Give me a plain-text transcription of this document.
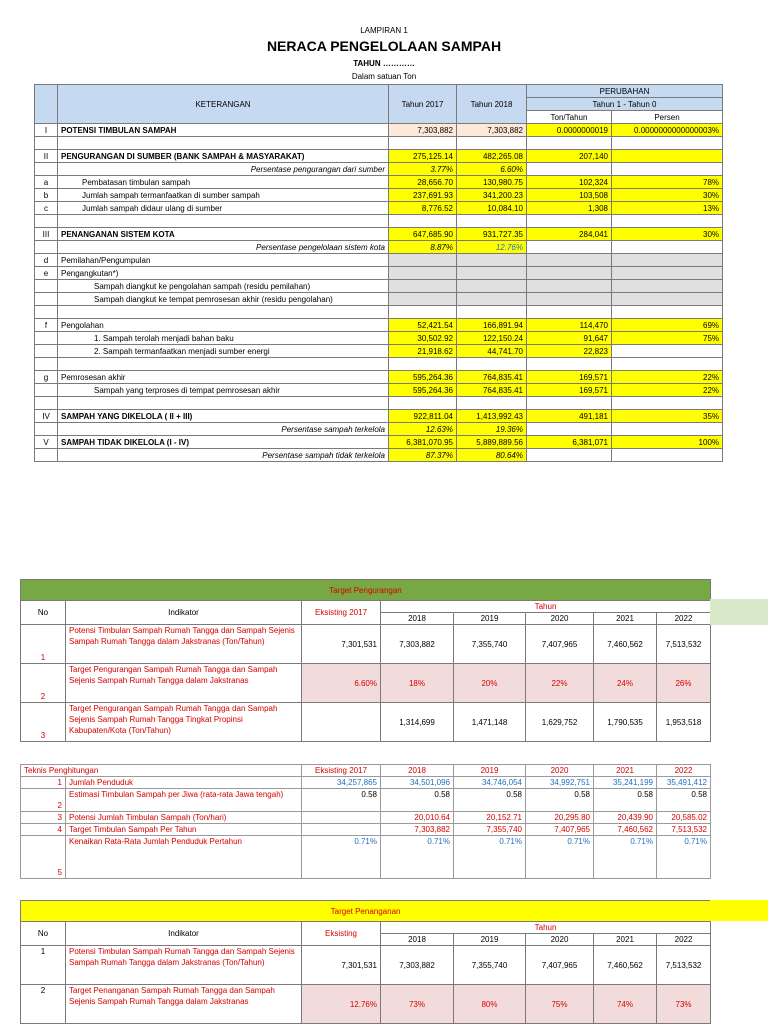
LAMPIRAN 1
NERACA PENGELOLAAN SAMPAH
TAHUN …………
Dalam satuan Ton
	KETERANGAN	Tahun 2017	Tahun 2018	PERUBAHAN	
				Tahun 1 - Tahun 0	
				Ton/Tahun	Persen
I	POTENSI TIMBULAN SAMPAH	7,303,882	7,303,882	0.0000000019	0.0000000000000003%

II	PENGURANGAN DI SUMBER (BANK SAMPAH & MASYARAKAT)	275,125.14	482,265.08	207,140	
	Persentase pengurangan dari sumber	3.77%	6.60%		
a	Pembatasan timbulan sampah	28,656.70	130,980.75	102,324	78%
b	Jumlah sampah termanfaatkan di sumber sampah	237,691.93	341,200.23	103,508	30%
c	Jumlah sampah didaur ulang di sumber	8,776.52	10,084.10	1,308	13%

III	PENANGANAN SISTEM KOTA	647,685.90	931,727.35	284,041	30%
	Persentase pengelolaan sistem kota	8.87%	12.76%		
d	Pemilahan/Pengumpulan				
e	Pengangkutan*)				
	Sampah diangkut ke pengolahan sampah (residu pemilahan)				
	Sampah diangkut ke tempat pemrosesan akhir (residu pengolahan)				

f	Pengolahan	52,421.54	166,891.94	114,470	69%
	1. Sampah terolah menjadi bahan baku	30,502.92	122,150.24	91,647	75%
	2. Sampah termanfaatkan menjadi sumber energi	21,918.62	44,741.70	22,823	

g	Pemrosesan akhir	595,264.36	764,835.41	169,571	22%
	Sampah yang terproses di tempat pemrosesan akhir	595,264.36	764,835.41	169,571	22%

IV	SAMPAH YANG DIKELOLA ( II + III)	922,811.04	1,413,992.43	491,181	35%
	Persentase sampah terkelola	12.63%	19.36%		
V	SAMPAH TIDAK DIKELOLA (I - IV)	6,381,070.95	5,889,889.56	6,381,071	100%
	Persentase sampah tidak terkelola	87.37%	80.64%		
Target Pengurangan							
No	Indikator	Eksisting 2017	Tahun				
			2018	2019	2020	2021	2022
1	Potensi Timbulan Sampah Rumah Tangga dan Sampah Sejenis Sampah Rumah Tangga dalam Jakstranas (Ton/Tahun)	7,301,531	7,303,882	7,355,740	7,407,965	7,460,562	7,513,532
2	Target Pengurangan Sampah Rumah Tangga dan Sampah Sejenis Sampah Rumah Tangga dalam Jakstranas	6.60%	18%	20%	22%	24%	26%
3	Target Pengurangan Sampah Rumah Tangga dan Sampah Sejenis Sampah Rumah Tangga Tingkat Propinsi Kabupaten/Kota (Ton/Tahun)		1,314,699	1,471,148	1,629,752	1,790,535	1,953,518
Teknis Penghitungan		Eksisting 2017	2018	2019	2020	2021	2022
1	Jumlah Penduduk	34,257,865	34,501,096	34,746,054	34,992,751	35,241,199	35,491,412
2	Estimasi Timbulan Sampah per Jiwa (rata-rata Jawa tengah)	0.58	0.58	0.58	0.58	0.58	0.58
3	Potensi Jumlah Timbulan Sampah (Ton/hari)		20,010.64	20,152.71	20,295.80	20,439.90	20,585.02
4	Target Timbulan Sampah Per Tahun		7,303,882	7,355,740	7,407,965	7,460,562	7,513,532
5	Kenaikan Rata-Rata Jumlah Penduduk Pertahun	0.71%	0.71%	0.71%	0.71%	0.71%	0.71%
Target Penanganan							
No	Indikator	Eksisting	Tahun				
			2018	2019	2020	2021	2022
1	Potensi Timbulan Sampah Rumah Tangga dan Sampah Sejenis Sampah Rumah Tangga dalam Jakstranas (Ton/Tahun)	7,301,531	7,303,882	7,355,740	7,407,965	7,460,562	7,513,532
2	Target Penanganan Sampah Rumah Tangga dan Sampah Sejenis Sampah Rumah Tangga dalam Jakstranas	12.76%	73%	80%	75%	74%	73%
